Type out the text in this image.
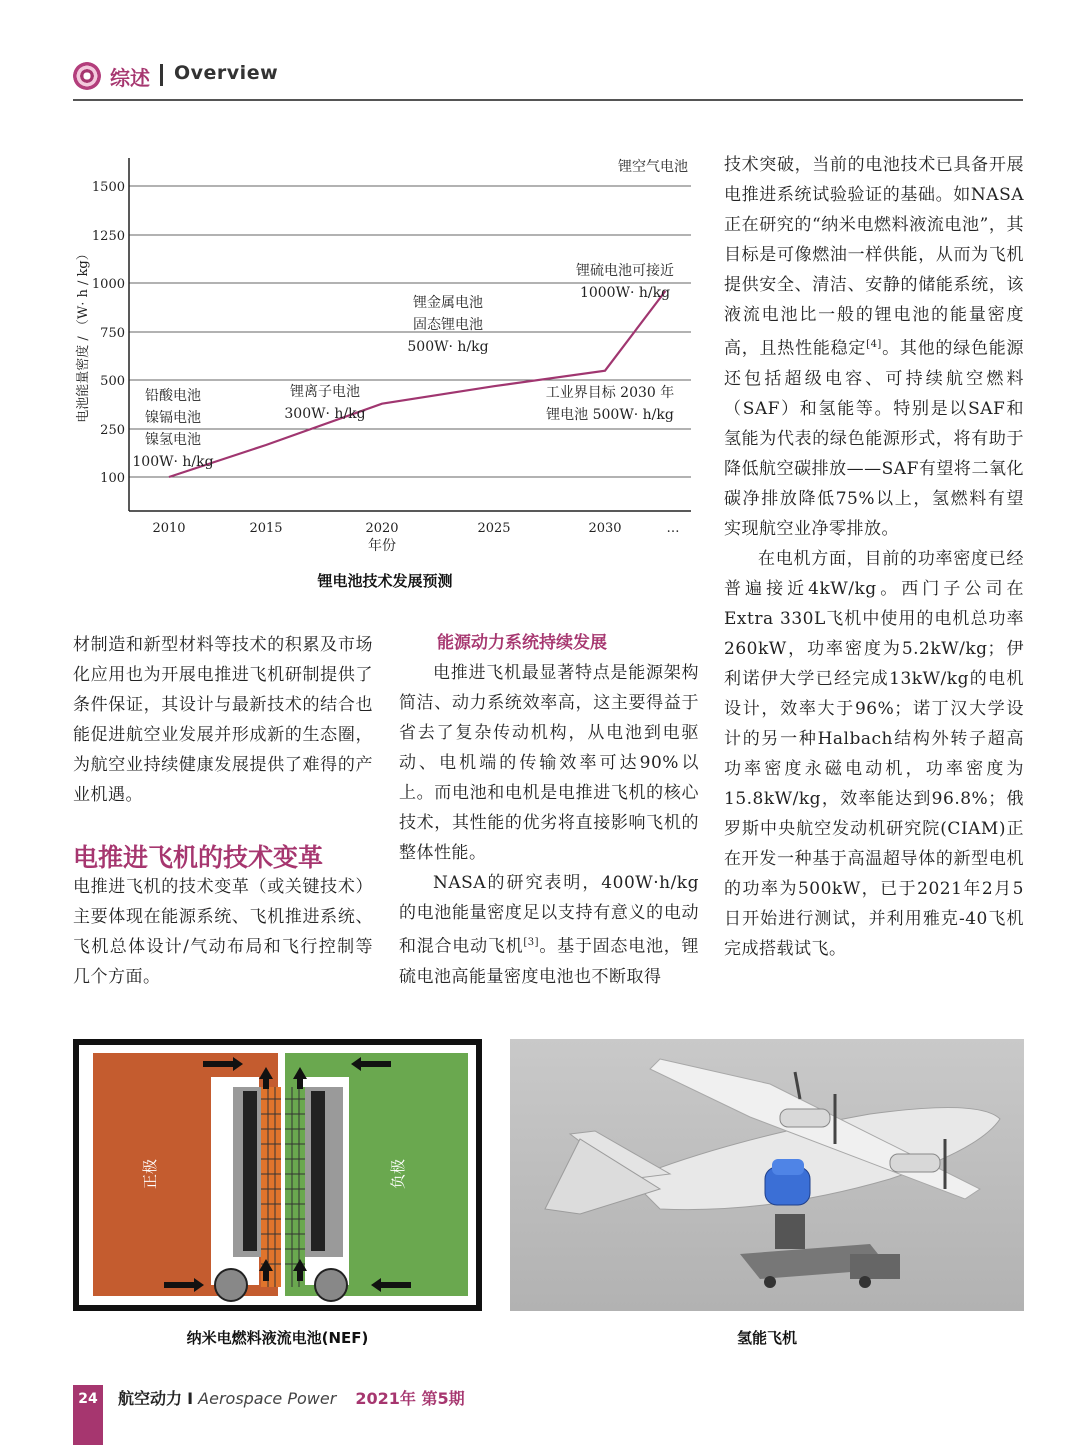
综述 Overview
1500
1250
1000
750
500
250
100
2010	2015	2020	2025	2030	…
年份
电池能量密度 / （W· h / kg）
锂空气电池
锂硫电池可接近
1000W· h/kg
锂金属电池
固态锂电池
500W· h/kg
工业界目标 2030 年
锂电池 500W· h/kg
锂离子电池
300W· h/kg
铅酸电池
镍镉电池
镍氢电池
100W· h/kg
锂电池技术发展预测

材制造和新型材料等技术的积累及市场化应用也为开展电推进飞机研制提供了条件保证，其设计与最新技术的结合也能促进航空业发展并形成新的生态圈，为航空业持续健康发展提供了难得的产业机遇。

电推进飞机的技术变革

电推进飞机的技术变革（或关键技术）主要体现在能源系统、飞机推进系统、飞机总体设计/气动布局和飞行控制等几个方面。

能源动力系统持续发展

电推进飞机最显著特点是能源架构简洁、动力系统效率高，这主要得益于省去了复杂传动机构，从电池到电驱动、电机端的传输效率可达90%以上。而电池和电机是电推进飞机的核心技术，其性能的优劣将直接影响飞机的整体性能。

NASA的研究表明，400W·h/kg的电池能量密度足以支持有意义的电动和混合电动飞机[3]。基于固态电池，锂硫电池高能量密度电池也不断取得

技术突破，当前的电池技术已具备开展电推进系统试验验证的基础。如NASA正在研究的“纳米电燃料液流电池”，其目标是可像燃油一样供能，从而为飞机提供安全、清洁、安静的储能系统，该液流电池比一般的锂电池的能量密度高，且热性能稳定[4]。其他的绿色能源还包括超级电容、可持续航空燃料（SAF）和氢能等。特别是以SAF和氢能为代表的绿色能源形式，将有助于降低航空碳排放——SAF有望将二氧化碳净排放降低75%以上，氢燃料有望实现航空业净零排放。

在电机方面，目前的功率密度已经普遍接近4kW/kg。西门子公司在Extra 330L飞机中使用的电机总功率260kW，功率密度为5.2kW/kg；伊利诺伊大学已经完成13kW/kg的电机设计，效率大于96%；诺丁汉大学设计的另一种Halbach结构外转子超高功率密度永磁电动机，功率密度为15.8kW/kg，效率能达到96.8%；俄罗斯中央航空发动机研究院(CIAM)正在开发一种基于高温超导体的新型电机的功率为500kW，已于2021年2月5日开始进行测试，并利用雅克-40飞机完成搭载试飞。

正极	负极
纳米电燃料液流电池(NEF)	氢能飞机
24	航空动力 I Aerospace Power 2021年 第5期
